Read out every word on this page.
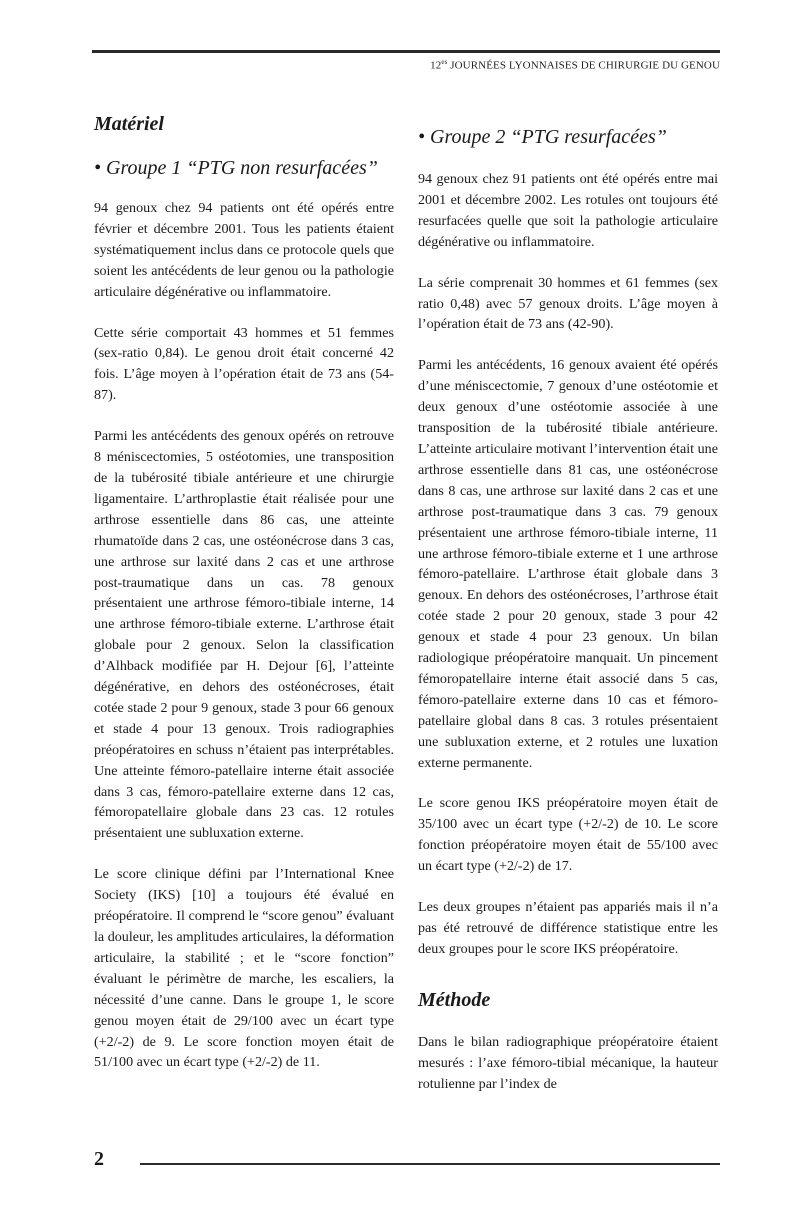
$12^{es}$ JOURNÉES LYONNAISES DE CHIRURGIE DU GENOU
Matériel
• Groupe 1 “PTG non resurfacées”

94 genoux chez 94 patients ont été opérés entre février et décembre 2001. Tous les patients étaient systématiquement inclus dans ce protocole quels que soient les antécédents de leur genou ou la pathologie articulaire dégénérative ou inflammatoire.

Cette série comportait 43 hommes et 51 femmes (sex-ratio 0,84). Le genou droit était concerné 42 fois. L’âge moyen à l’opération était de 73 ans (54-87).

Parmi les antécédents des genoux opérés on retrouve 8 méniscectomies, 5 ostéotomies, une transposition de la tubérosité tibiale antérieure et une chirurgie ligamentaire. L’arthroplastie était réalisée pour une arthrose essentielle dans 86 cas, une atteinte rhumatoïde dans 2 cas, une ostéonécrose dans 3 cas, une arthrose sur laxité dans 2 cas et une arthrose post-traumatique dans un cas. 78 genoux présentaient une arthrose fémoro-tibiale interne, 14 une arthrose fémoro-tibiale externe. L’arthrose était globale pour 2 genoux. Selon la classification d’Alhback modifiée par H. Dejour [6], l’atteinte dégénérative, en dehors des ostéonécroses, était cotée stade 2 pour 9 genoux, stade 3 pour 66 genoux et stade 4 pour 13 genoux. Trois radiographies préopératoires en schuss n’étaient pas interprétables. Une atteinte fémoro-patellaire interne était associée dans 3 cas, fémoro-patellaire externe dans 12 cas, fémoropatellaire globale dans 23 cas. 12 rotules présentaient une subluxation externe.

Le score clinique défini par l’International Knee Society (IKS) [10] a toujours été évalué en préopératoire. Il comprend le “score genou” évaluant la douleur, les amplitudes articulaires, la déformation articulaire, la stabilité ; et le “score fonction” évaluant le périmètre de marche, les escaliers, la nécessité d’une canne. Dans le groupe 1, le score genou moyen était de 29/100 avec un écart type (+2/-2) de 9. Le score fonction moyen était de 51/100 avec un écart type (+2/-2) de 11.

• Groupe 2 “PTG resurfacées”

94 genoux chez 91 patients ont été opérés entre mai 2001 et décembre 2002. Les rotules ont toujours été resurfacées quelle que soit la pathologie articulaire dégénérative ou inflammatoire.

La série comprenait 30 hommes et 61 femmes (sex ratio 0,48) avec 57 genoux droits. L’âge moyen à l’opération était de 73 ans (42-90).

Parmi les antécédents, 16 genoux avaient été opérés d’une méniscectomie, 7 genoux d’une ostéotomie et deux genoux d’une ostéotomie associée à une transposition de la tubérosité tibiale antérieure. L’atteinte articulaire motivant l’intervention était une arthrose essentielle dans 81 cas, une ostéonécrose dans 8 cas, une arthrose sur laxité dans 2 cas et une arthrose post-traumatique dans 3 cas. 79 genoux présentaient une arthrose fémoro-tibiale interne, 11 une arthrose fémoro-tibiale externe et 1 une arthrose fémoro-patellaire. L’arthrose était globale dans 3 genoux. En dehors des ostéonécroses, l’arthrose était cotée stade 2 pour 20 genoux, stade 3 pour 42 genoux et stade 4 pour 23 genoux. Un bilan radiologique préopératoire manquait. Un pincement fémoropatellaire interne était associé dans 5 cas, fémoro-patellaire externe dans 10 cas et fémoro-patellaire global dans 8 cas. 3 rotules présentaient une subluxation externe, et 2 rotules une luxation externe permanente.

Le score genou IKS préopératoire moyen était de 35/100 avec un écart type (+2/-2) de 10. Le score fonction préopératoire moyen était de 55/100 avec un écart type (+2/-2) de 17.

Les deux groupes n’étaient pas appariés mais il n’a pas été retrouvé de différence statistique entre les deux groupes pour le score IKS préopératoire.

Méthode

Dans le bilan radiographique préopératoire étaient mesurés : l’axe fémoro-tibial mécanique, la hauteur rotulienne par l’index de

2
